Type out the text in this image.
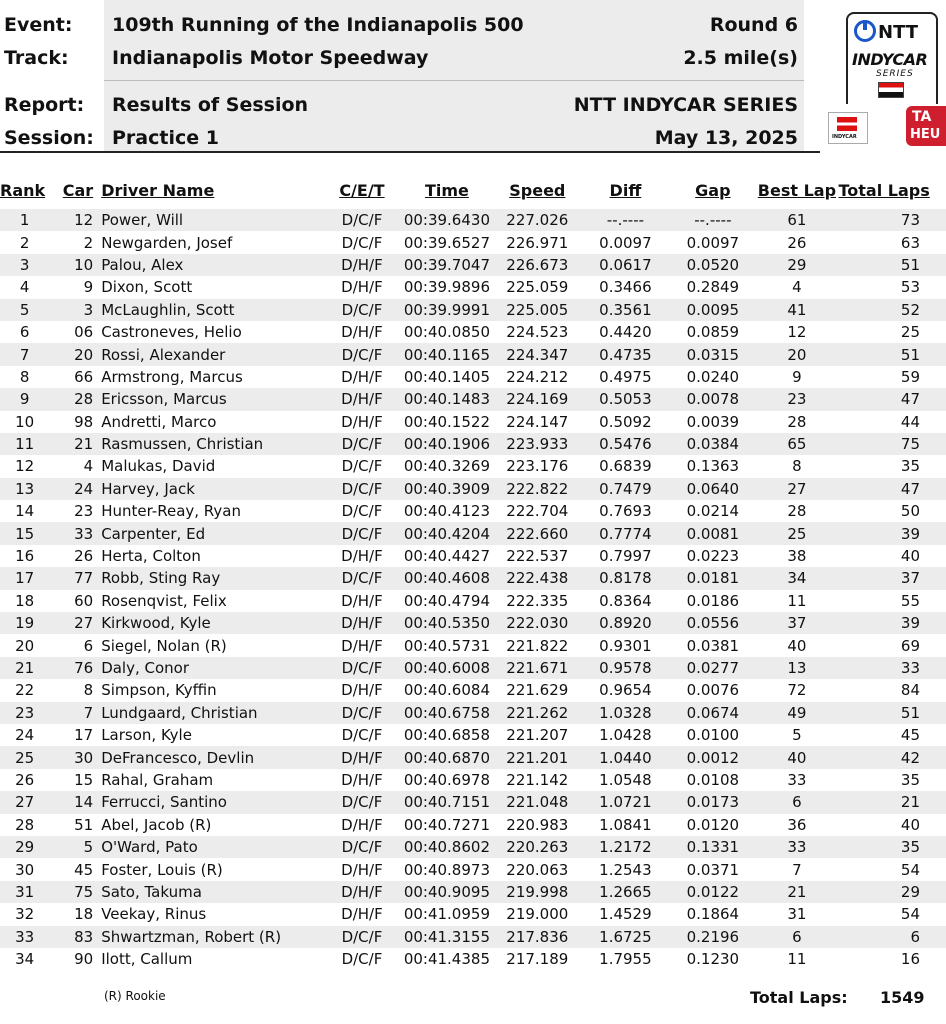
Event: 109th Running of the Indianapolis 500	Round 6
Track: Indianapolis Motor Speedway	2.5 mile(s)
Report: Results of Session	NTT INDYCAR SERIES
Session: Practice 1	May 13, 2025
NTT
INDYCAR
SERIES
INDYCAR
TA
HEU
Rank	Car	Driver Name	C/E/T	Time	Speed	Diff	Gap	Best Lap	Total Laps
1	12	Power, Will	D/C/F	00:39.6430	227.026	--.----	--.----	61	73
2	2	Newgarden, Josef	D/C/F	00:39.6527	226.971	0.0097	0.0097	26	63
3	10	Palou, Alex	D/H/F	00:39.7047	226.673	0.0617	0.0520	29	51
4	9	Dixon, Scott	D/H/F	00:39.9896	225.059	0.3466	0.2849	4	53
5	3	McLaughlin, Scott	D/C/F	00:39.9991	225.005	0.3561	0.0095	41	52
6	06	Castroneves, Helio	D/H/F	00:40.0850	224.523	0.4420	0.0859	12	25
7	20	Rossi, Alexander	D/C/F	00:40.1165	224.347	0.4735	0.0315	20	51
8	66	Armstrong, Marcus	D/H/F	00:40.1405	224.212	0.4975	0.0240	9	59
9	28	Ericsson, Marcus	D/H/F	00:40.1483	224.169	0.5053	0.0078	23	47
10	98	Andretti, Marco	D/H/F	00:40.1522	224.147	0.5092	0.0039	28	44
11	21	Rasmussen, Christian	D/C/F	00:40.1906	223.933	0.5476	0.0384	65	75
12	4	Malukas, David	D/C/F	00:40.3269	223.176	0.6839	0.1363	8	35
13	24	Harvey, Jack	D/C/F	00:40.3909	222.822	0.7479	0.0640	27	47
14	23	Hunter-Reay, Ryan	D/C/F	00:40.4123	222.704	0.7693	0.0214	28	50
15	33	Carpenter, Ed	D/C/F	00:40.4204	222.660	0.7774	0.0081	25	39
16	26	Herta, Colton	D/H/F	00:40.4427	222.537	0.7997	0.0223	38	40
17	77	Robb, Sting Ray	D/C/F	00:40.4608	222.438	0.8178	0.0181	34	37
18	60	Rosenqvist, Felix	D/H/F	00:40.4794	222.335	0.8364	0.0186	11	55
19	27	Kirkwood, Kyle	D/H/F	00:40.5350	222.030	0.8920	0.0556	37	39
20	6	Siegel, Nolan (R)	D/H/F	00:40.5731	221.822	0.9301	0.0381	40	69
21	76	Daly, Conor	D/C/F	00:40.6008	221.671	0.9578	0.0277	13	33
22	8	Simpson, Kyffin	D/H/F	00:40.6084	221.629	0.9654	0.0076	72	84
23	7	Lundgaard, Christian	D/C/F	00:40.6758	221.262	1.0328	0.0674	49	51
24	17	Larson, Kyle	D/C/F	00:40.6858	221.207	1.0428	0.0100	5	45
25	30	DeFrancesco, Devlin	D/H/F	00:40.6870	221.201	1.0440	0.0012	40	42
26	15	Rahal, Graham	D/H/F	00:40.6978	221.142	1.0548	0.0108	33	35
27	14	Ferrucci, Santino	D/C/F	00:40.7151	221.048	1.0721	0.0173	6	21
28	51	Abel, Jacob (R)	D/H/F	00:40.7271	220.983	1.0841	0.0120	36	40
29	5	O'Ward, Pato	D/C/F	00:40.8602	220.263	1.2172	0.1331	33	35
30	45	Foster, Louis (R)	D/H/F	00:40.8973	220.063	1.2543	0.0371	7	54
31	75	Sato, Takuma	D/H/F	00:40.9095	219.998	1.2665	0.0122	21	29
32	18	Veekay, Rinus	D/H/F	00:41.0959	219.000	1.4529	0.1864	31	54
33	83	Shwartzman, Robert (R)	D/C/F	00:41.3155	217.836	1.6725	0.2196	6	6
34	90	Ilott, Callum	D/C/F	00:41.4385	217.189	1.7955	0.1230	11	16
(R) Rookie	Total Laps: 1549
